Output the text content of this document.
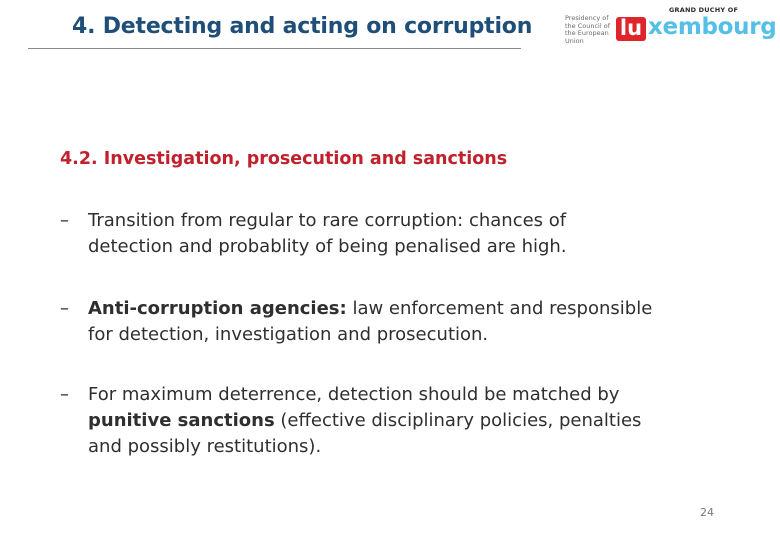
4. Detecting and acting on corruption	Presidency of the Council of the European Union
GRAND DUCHY OF
lu xembourg
4.2. Investigation, prosecution and sanctions
–	Transition from regular to rare corruption: chances of
detection and probablity of being penalised are high.
–	Anti-corruption agencies: law enforcement and responsible
for detection, investigation and prosecution.
–	For maximum deterrence, detection should be matched by
punitive sanctions (effective disciplinary policies, penalties
and possibly restitutions).
24
